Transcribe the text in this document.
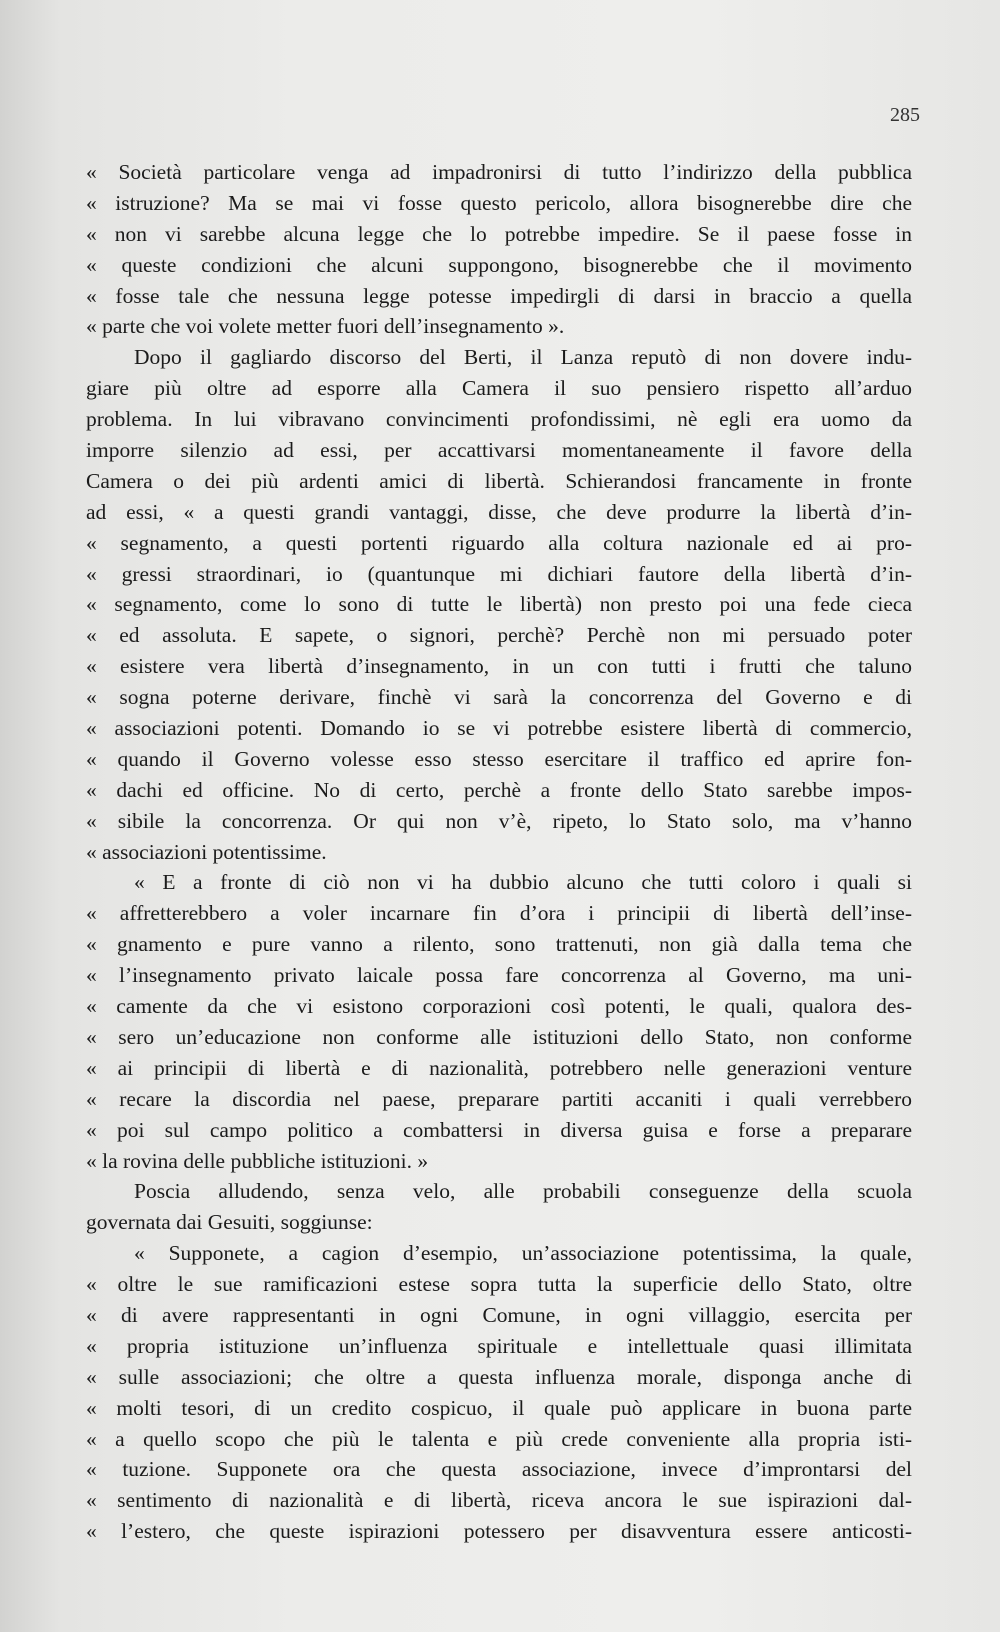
285
« Società particolare venga ad impadronirsi di tutto l’indirizzo della pubblica
« istruzione? Ma se mai vi fosse questo pericolo, allora bisognerebbe dire che
« non vi sarebbe alcuna legge che lo potrebbe impedire. Se il paese fosse in
« queste condizioni che alcuni suppongono, bisognerebbe che il movimento
« fosse tale che nessuna legge potesse impedirgli di darsi in braccio a quella
« parte che voi volete metter fuori dell’insegnamento ».
Dopo il gagliardo discorso del Berti, il Lanza reputò di non dovere indu-
giare più oltre ad esporre alla Camera il suo pensiero rispetto all’arduo
problema. In lui vibravano convincimenti profondissimi, nè egli era uomo da
imporre silenzio ad essi, per accattivarsi momentaneamente il favore della
Camera o dei più ardenti amici di libertà. Schierandosi francamente in fronte
ad essi, « a questi grandi vantaggi, disse, che deve produrre la libertà d’in-
« segnamento, a questi portenti riguardo alla coltura nazionale ed ai pro-
« gressi straordinari, io (quantunque mi dichiari fautore della libertà d’in-
« segnamento, come lo sono di tutte le libertà) non presto poi una fede cieca
« ed assoluta. E sapete, o signori, perchè? Perchè non mi persuado poter
« esistere vera libertà d’insegnamento, in un con tutti i frutti che taluno
« sogna poterne derivare, finchè vi sarà la concorrenza del Governo e di
« associazioni potenti. Domando io se vi potrebbe esistere libertà di commercio,
« quando il Governo volesse esso stesso esercitare il traffico ed aprire fon-
« dachi ed officine. No di certo, perchè a fronte dello Stato sarebbe impos-
« sibile la concorrenza. Or qui non v’è, ripeto, lo Stato solo, ma v’hanno
« associazioni potentissime.
« E a fronte di ciò non vi ha dubbio alcuno che tutti coloro i quali si
« affretterebbero a voler incarnare fin d’ora i principii di libertà dell’inse-
« gnamento e pure vanno a rilento, sono trattenuti, non già dalla tema che
« l’insegnamento privato laicale possa fare concorrenza al Governo, ma uni-
« camente da che vi esistono corporazioni così potenti, le quali, qualora des-
« sero un’educazione non conforme alle istituzioni dello Stato, non conforme
« ai principii di libertà e di nazionalità, potrebbero nelle generazioni venture
« recare la discordia nel paese, preparare partiti accaniti i quali verrebbero
« poi sul campo politico a combattersi in diversa guisa e forse a preparare
« la rovina delle pubbliche istituzioni. »
Poscia alludendo, senza velo, alle probabili conseguenze della scuola
governata dai Gesuiti, soggiunse:
« Supponete, a cagion d’esempio, un’associazione potentissima, la quale,
« oltre le sue ramificazioni estese sopra tutta la superficie dello Stato, oltre
« di avere rappresentanti in ogni Comune, in ogni villaggio, esercita per
« propria istituzione un’influenza spirituale e intellettuale quasi illimitata
« sulle associazioni; che oltre a questa influenza morale, disponga anche di
« molti tesori, di un credito cospicuo, il quale può applicare in buona parte
« a quello scopo che più le talenta e più crede conveniente alla propria isti-
« tuzione. Supponete ora che questa associazione, invece d’improntarsi del
« sentimento di nazionalità e di libertà, riceva ancora le sue ispirazioni dal-
« l’estero, che queste ispirazioni potessero per disavventura essere anticosti-
